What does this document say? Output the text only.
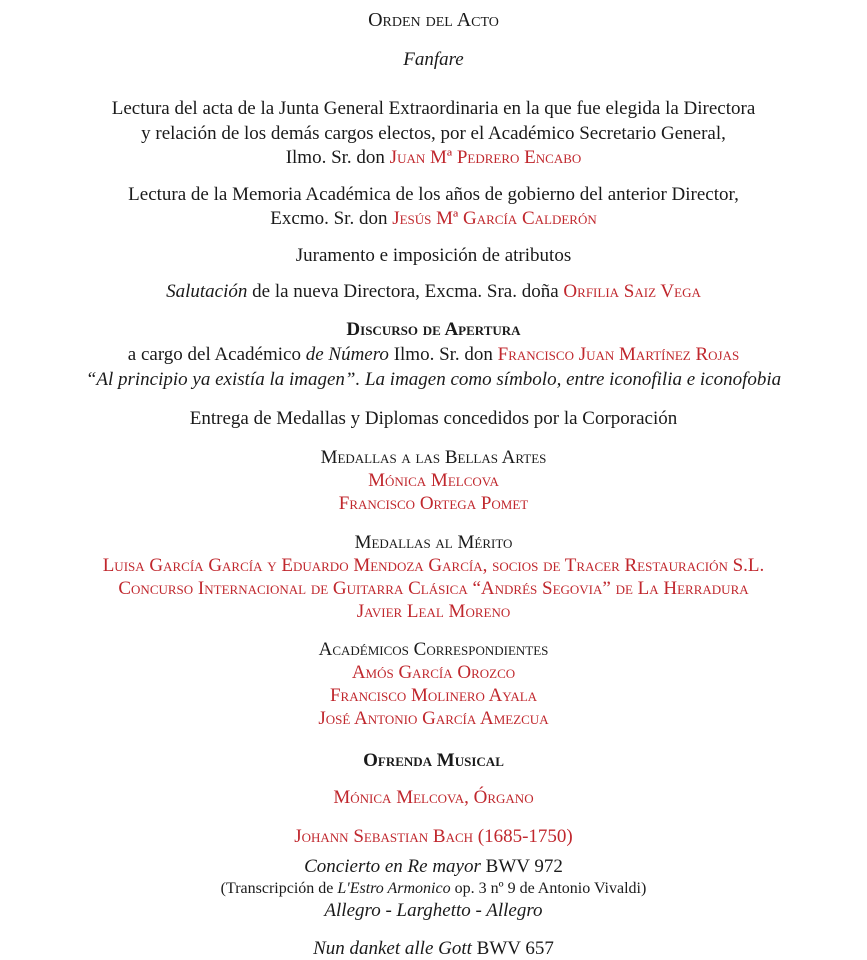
Orden del Acto
Fanfare
Lectura del acta de la Junta General Extraordinaria en la que fue elegida la Directora
y relación de los demás cargos electos, por el Académico Secretario General,
Ilmo. Sr. don Juan Mª Pedrero Encabo
Lectura de la Memoria Académica de los años de gobierno del anterior Director,
Excmo. Sr. don Jesús Mª García Calderón
Juramento e imposición de atributos
Salutación de la nueva Directora, Excma. Sra. doña Orfilia Saiz Vega
Discurso de Apertura
a cargo del Académico de Número Ilmo. Sr. don Francisco Juan Martínez Rojas
“Al principio ya existía la imagen”. La imagen como símbolo, entre iconofilia e iconofobia
Entrega de Medallas y Diplomas concedidos por la Corporación
Medallas a las Bellas Artes
Mónica Melcova
Francisco Ortega Pomet
Medallas al Mérito
Luisa García García y Eduardo Mendoza García, socios de Tracer Restauración S.L.
Concurso Internacional de Guitarra Clásica “Andrés Segovia” de La Herradura
Javier Leal Moreno
Académicos Correspondientes
Amós García Orozco
Francisco Molinero Ayala
José Antonio García Amezcua
Ofrenda Musical
Mónica Melcova, Órgano
Johann Sebastian Bach (1685-1750)
Concierto en Re mayor BWV 972
(Transcripción de L'Estro Armonico op. 3 nº 9 de Antonio Vivaldi)
Allegro - Larghetto - Allegro
Nun danket alle Gott BWV 657
